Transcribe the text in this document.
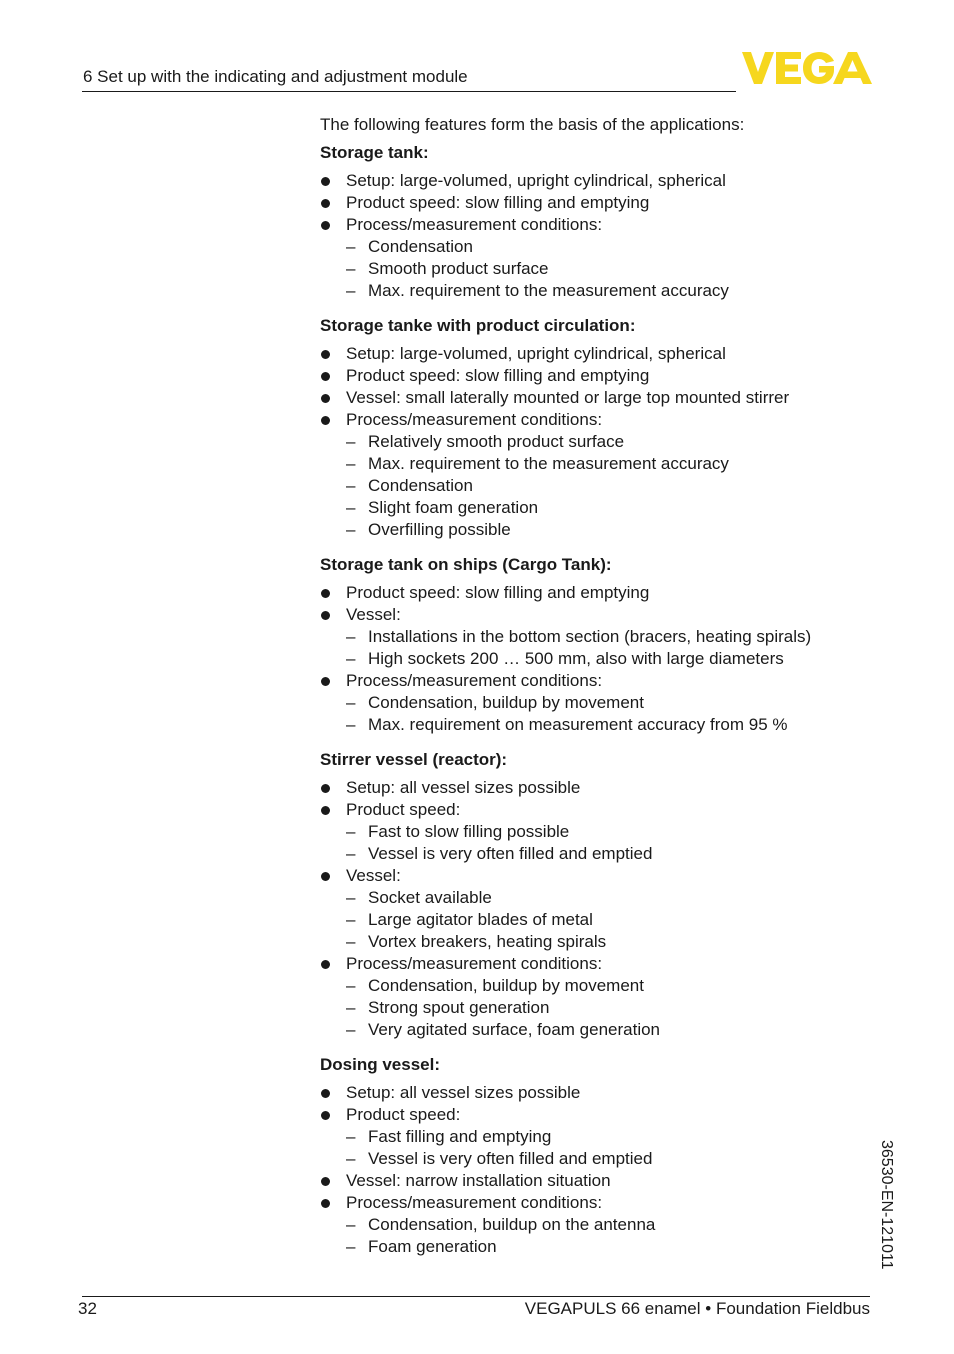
6 Set up with the indicating and adjustment module

The following features form the basis of the applications:

Storage tank:
Setup: large-volumed, upright cylindrical, spherical
Product speed: slow filling and emptying
Process/measurement conditions:
– Condensation
– Smooth product surface
– Max. requirement to the measurement accuracy
Storage tanke with product circulation:
Setup: large-volumed, upright cylindrical, spherical
Product speed: slow filling and emptying
Vessel: small laterally mounted or large top mounted stirrer
Process/measurement conditions:
– Relatively smooth product surface
– Max. requirement to the measurement accuracy
– Condensation
– Slight foam generation
– Overfilling possible
Storage tank on ships (Cargo Tank):
Product speed: slow filling and emptying
Vessel:
– Installations in the bottom section (bracers, heating spirals)
– High sockets 200 … 500 mm, also with large diameters
Process/measurement conditions:
– Condensation, buildup by movement
– Max. requirement on measurement accuracy from 95 %
Stirrer vessel (reactor):
Setup: all vessel sizes possible
Product speed:
– Fast to slow filling possible
– Vessel is very often filled and emptied
Vessel:
– Socket available
– Large agitator blades of metal
– Vortex breakers, heating spirals
Process/measurement conditions:
– Condensation, buildup by movement
– Strong spout generation
– Very agitated surface, foam generation
Dosing vessel:
Setup: all vessel sizes possible
Product speed:
– Fast filling and emptying
– Vessel is very often filled and emptied
Vessel: narrow installation situation
Process/measurement conditions:
– Condensation, buildup on the antenna
– Foam generation	36530-EN-121011
32	VEGAPULS 66 enamel • Foundation Fieldbus
